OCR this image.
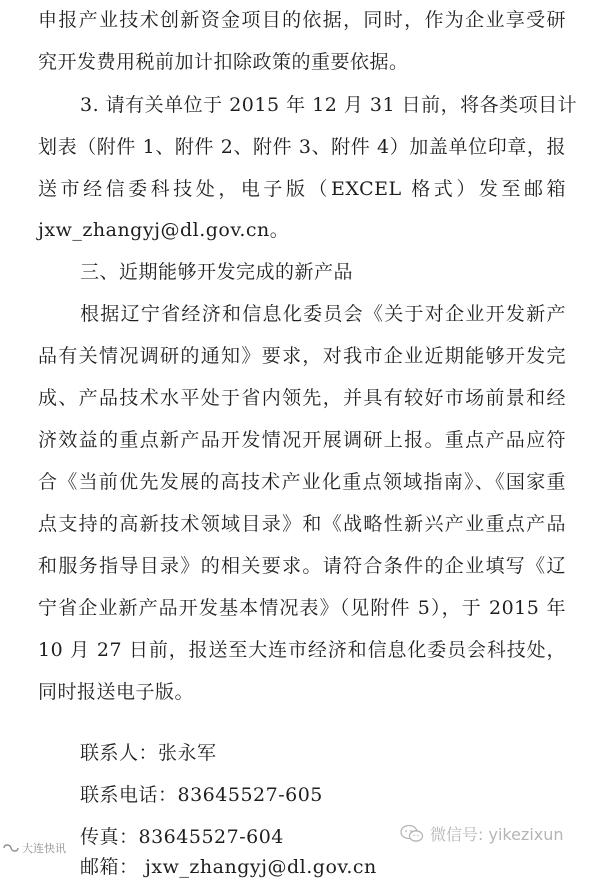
申报产业技术创新资金项目的依据，同时，作为企业享受研
究开发费用税前加计扣除政策的重要依据。
3. 请有关单位于 2015 年 12 月 31 日前，将各类项目计
划表（附件 1、附件 2、附件 3、附件 4）加盖单位印章，报
送市经信委科技处，电子版（EXCEL 格式）发至邮箱
jxw_zhangyj@dl.gov.cn。
三、近期能够开发完成的新产品
根据辽宁省经济和信息化委员会《关于对企业开发新产
品有关情况调研的通知》要求，对我市企业近期能够开发完
成、产品技术水平处于省内领先，并具有较好市场前景和经
济效益的重点新产品开发情况开展调研上报。重点产品应符
合《当前优先发展的高技术产业化重点领域指南》、《国家重
点支持的高新技术领域目录》和《战略性新兴产业重点产品
和服务指导目录》的相关要求。请符合条件的企业填写《辽
宁省企业新产品开发基本情况表》（见附件 5），于 2015 年
10 月 27 日前，报送至大连市经济和信息化委员会科技处，
同时报送电子版。
联系人：张永军
联系电话：83645527-605
传真：83645527-604
邮箱： jxw_zhangyj@dl.gov.cn
大连快讯
微信号: yikezixun
